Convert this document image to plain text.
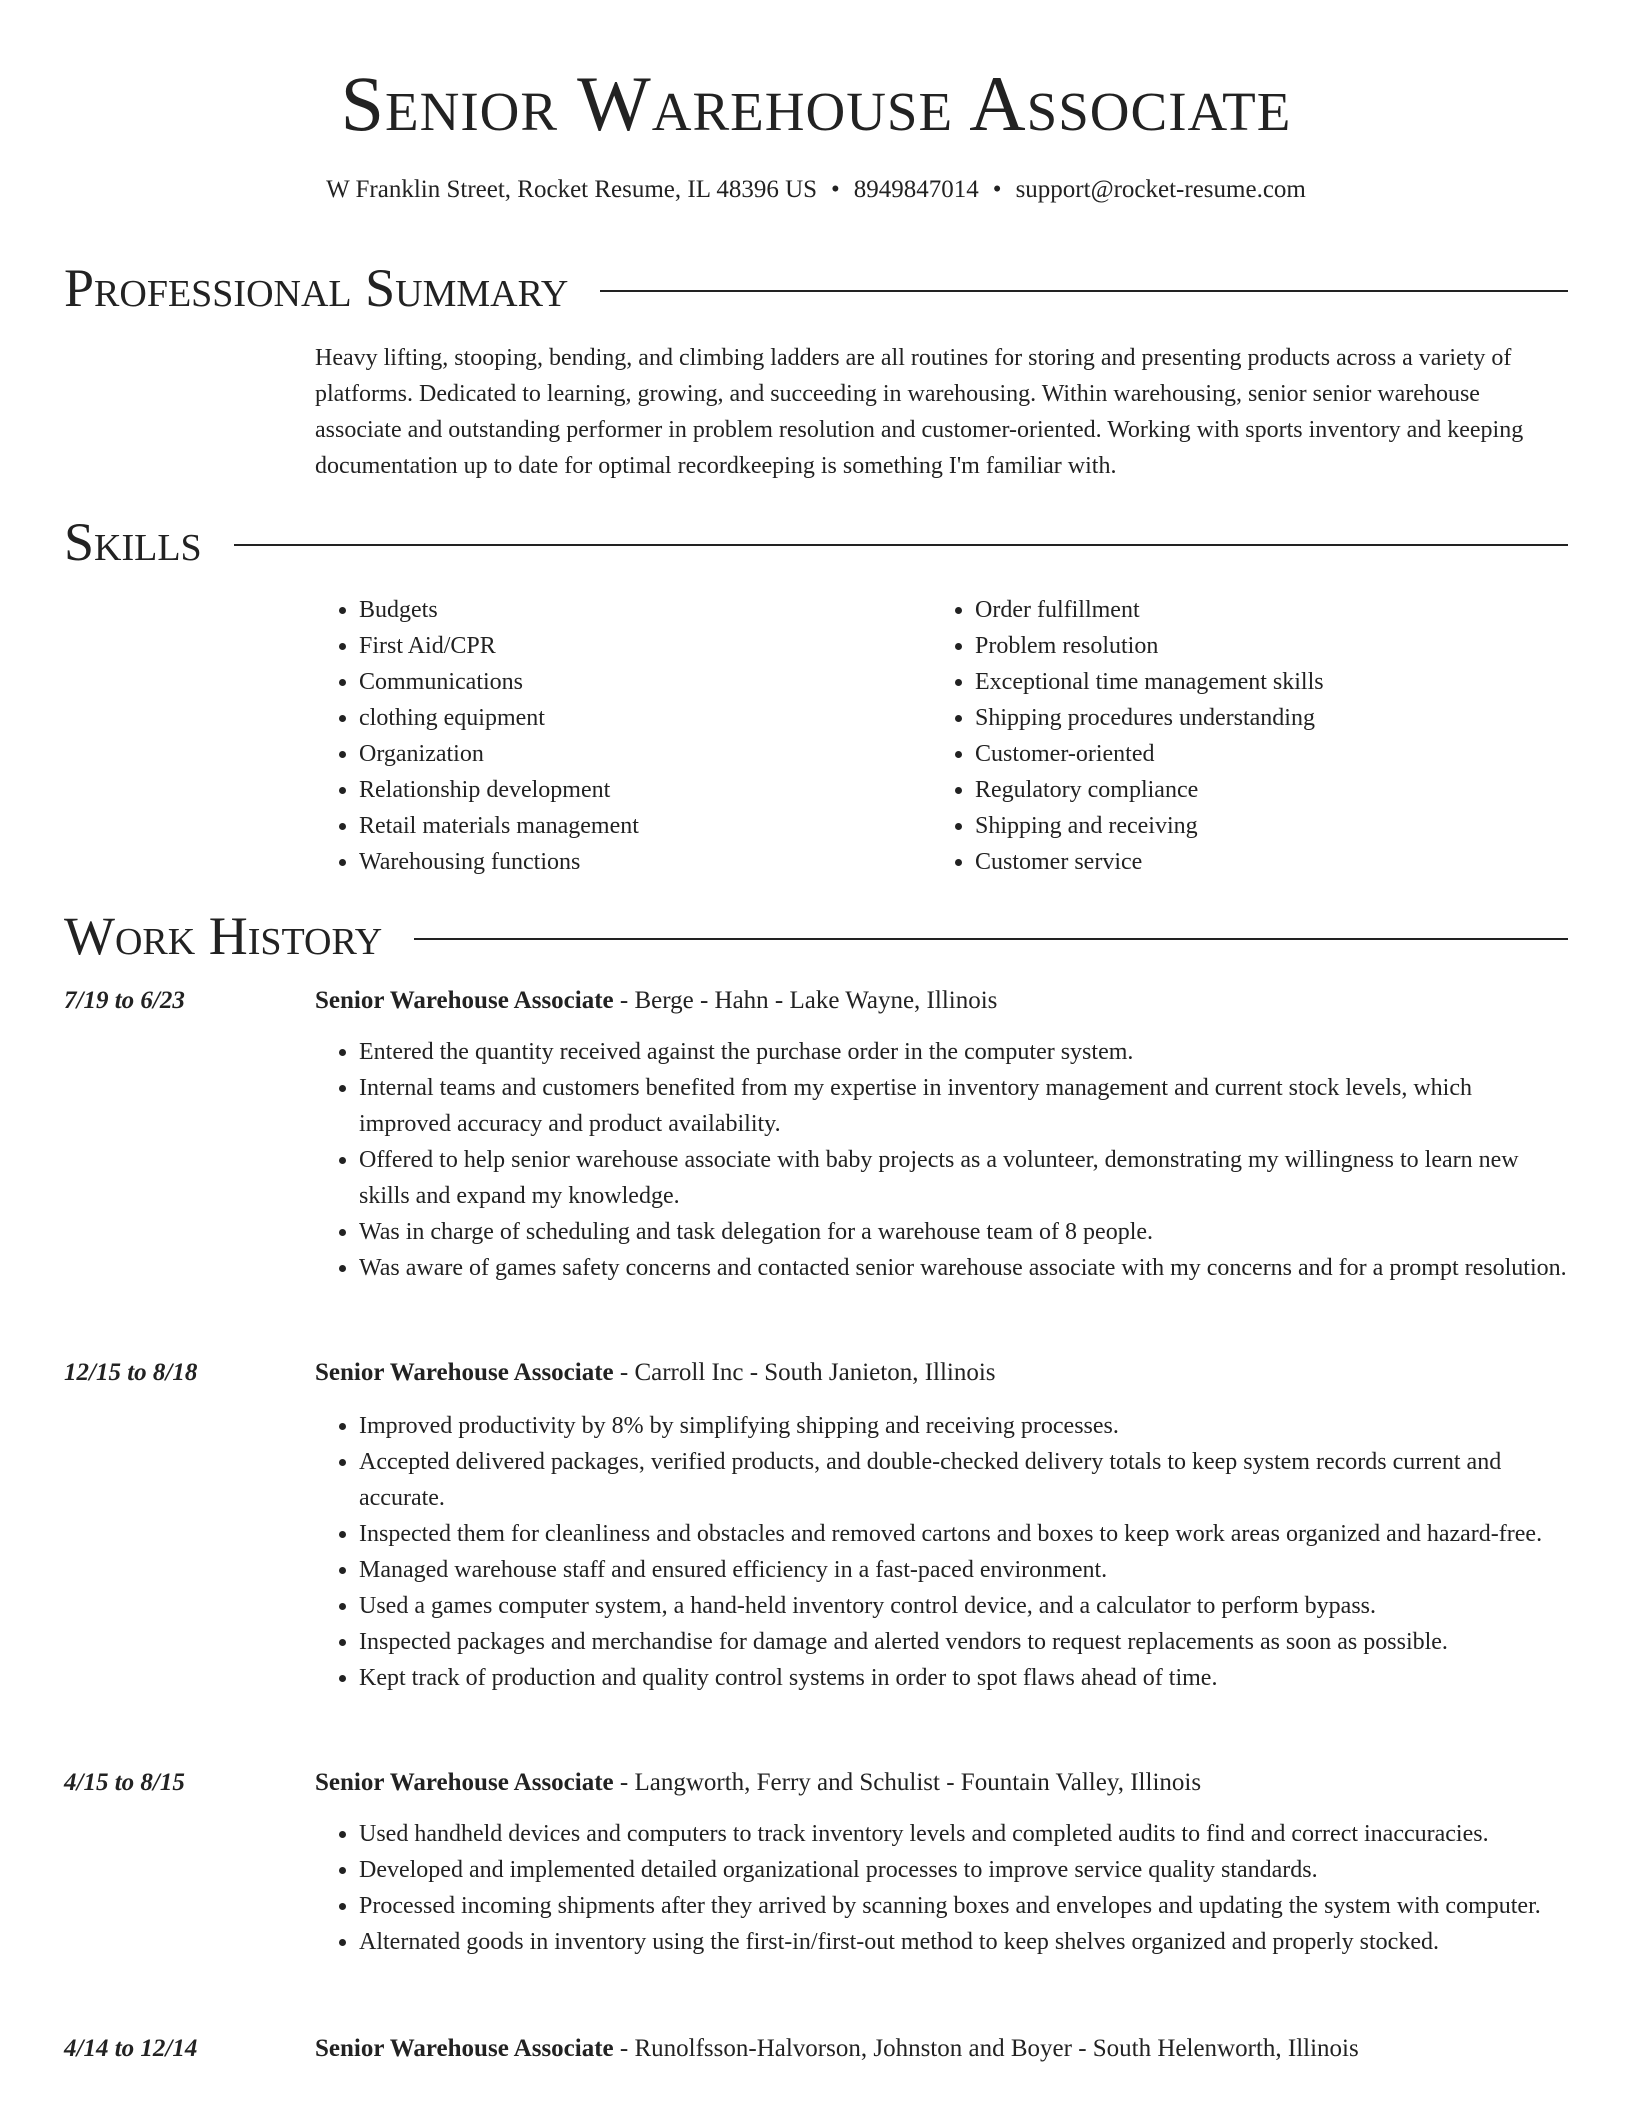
Senior Warehouse Associate
W Franklin Street, Rocket Resume, IL 48396 US • 8949847014 • support@rocket-resume.com
Professional Summary

Heavy lifting, stooping, bending, and climbing ladders are all routines for storing and presenting products across a variety of platforms. Dedicated to learning, growing, and succeeding in warehousing. Within warehousing, senior senior warehouse associate and outstanding performer in problem resolution and customer-oriented. Working with sports inventory and keeping documentation up to date for optimal recordkeeping is something I'm familiar with.

Skills
• Budgets
• First Aid/CPR
• Communications
• clothing equipment
• Organization
• Relationship development
• Retail materials management
• Warehousing functions
• Order fulfillment
• Problem resolution
• Exceptional time management skills
• Shipping procedures understanding
• Customer-oriented
• Regulatory compliance
• Shipping and receiving
• Customer service
Work History
7/19 to 6/23	Senior Warehouse Associate - Berge - Hahn - Lake Wayne, Illinois
• Entered the quantity received against the purchase order in the computer system.
• Internal teams and customers benefited from my expertise in inventory management and current stock levels, which improved accuracy and product availability.
• Offered to help senior warehouse associate with baby projects as a volunteer, demonstrating my willingness to learn new skills and expand my knowledge.
• Was in charge of scheduling and task delegation for a warehouse team of 8 people.
• Was aware of games safety concerns and contacted senior warehouse associate with my concerns and for a prompt resolution.
12/15 to 8/18	Senior Warehouse Associate - Carroll Inc - South Janieton, Illinois
• Improved productivity by 8% by simplifying shipping and receiving processes.
• Accepted delivered packages, verified products, and double-checked delivery totals to keep system records current and accurate.
• Inspected them for cleanliness and obstacles and removed cartons and boxes to keep work areas organized and hazard-free.
• Managed warehouse staff and ensured efficiency in a fast-paced environment.
• Used a games computer system, a hand-held inventory control device, and a calculator to perform bypass.
• Inspected packages and merchandise for damage and alerted vendors to request replacements as soon as possible.
• Kept track of production and quality control systems in order to spot flaws ahead of time.
4/15 to 8/15	Senior Warehouse Associate - Langworth, Ferry and Schulist - Fountain Valley, Illinois
• Used handheld devices and computers to track inventory levels and completed audits to find and correct inaccuracies.
• Developed and implemented detailed organizational processes to improve service quality standards.
• Processed incoming shipments after they arrived by scanning boxes and envelopes and updating the system with computer.
• Alternated goods in inventory using the first-in/first-out method to keep shelves organized and properly stocked.
4/14 to 12/14	Senior Warehouse Associate - Runolfsson-Halvorson, Johnston and Boyer - South Helenworth, Illinois
